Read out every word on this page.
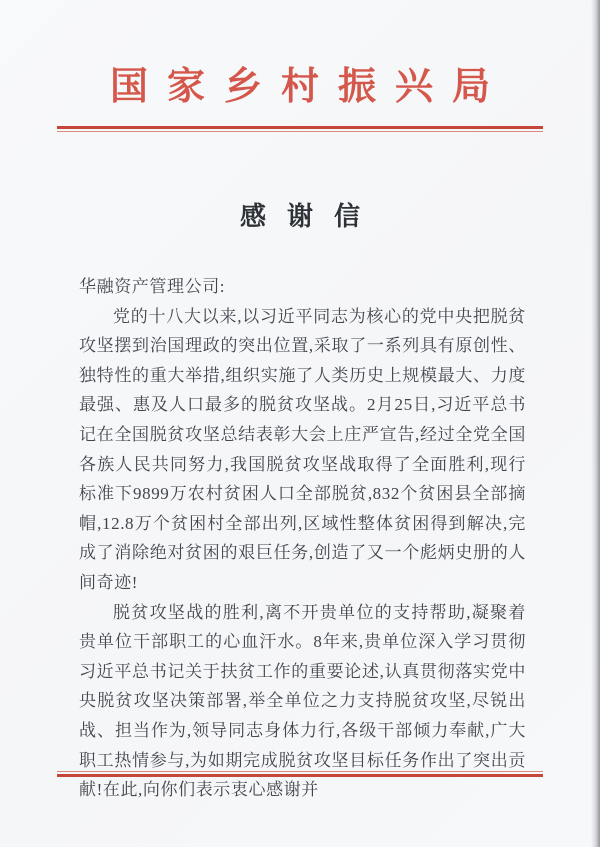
国家乡村振兴局
感谢信

华融资产管理公司:

党的十八大以来,以习近平同志为核心的党中央把脱贫攻坚摆到治国理政的突出位置,采取了一系列具有原创性、独特性的重大举措,组织实施了人类历史上规模最大、力度最强、惠及人口最多的脱贫攻坚战。2月25日,习近平总书记在全国脱贫攻坚总结表彰大会上庄严宣告,经过全党全国各族人民共同努力,我国脱贫攻坚战取得了全面胜利,现行标准下9899万农村贫困人口全部脱贫,832个贫困县全部摘帽,12.8万个贫困村全部出列,区域性整体贫困得到解决,完成了消除绝对贫困的艰巨任务,创造了又一个彪炳史册的人间奇迹!

脱贫攻坚战的胜利,离不开贵单位的支持帮助,凝聚着贵单位干部职工的心血汗水。8年来,贵单位深入学习贯彻习近平总书记关于扶贫工作的重要论述,认真贯彻落实党中央脱贫攻坚决策部署,举全单位之力支持脱贫攻坚,尽锐出战、担当作为,领导同志身体力行,各级干部倾力奉献,广大职工热情参与,为如期完成脱贫攻坚目标任务作出了突出贡献!在此,向你们表示衷心感谢并
